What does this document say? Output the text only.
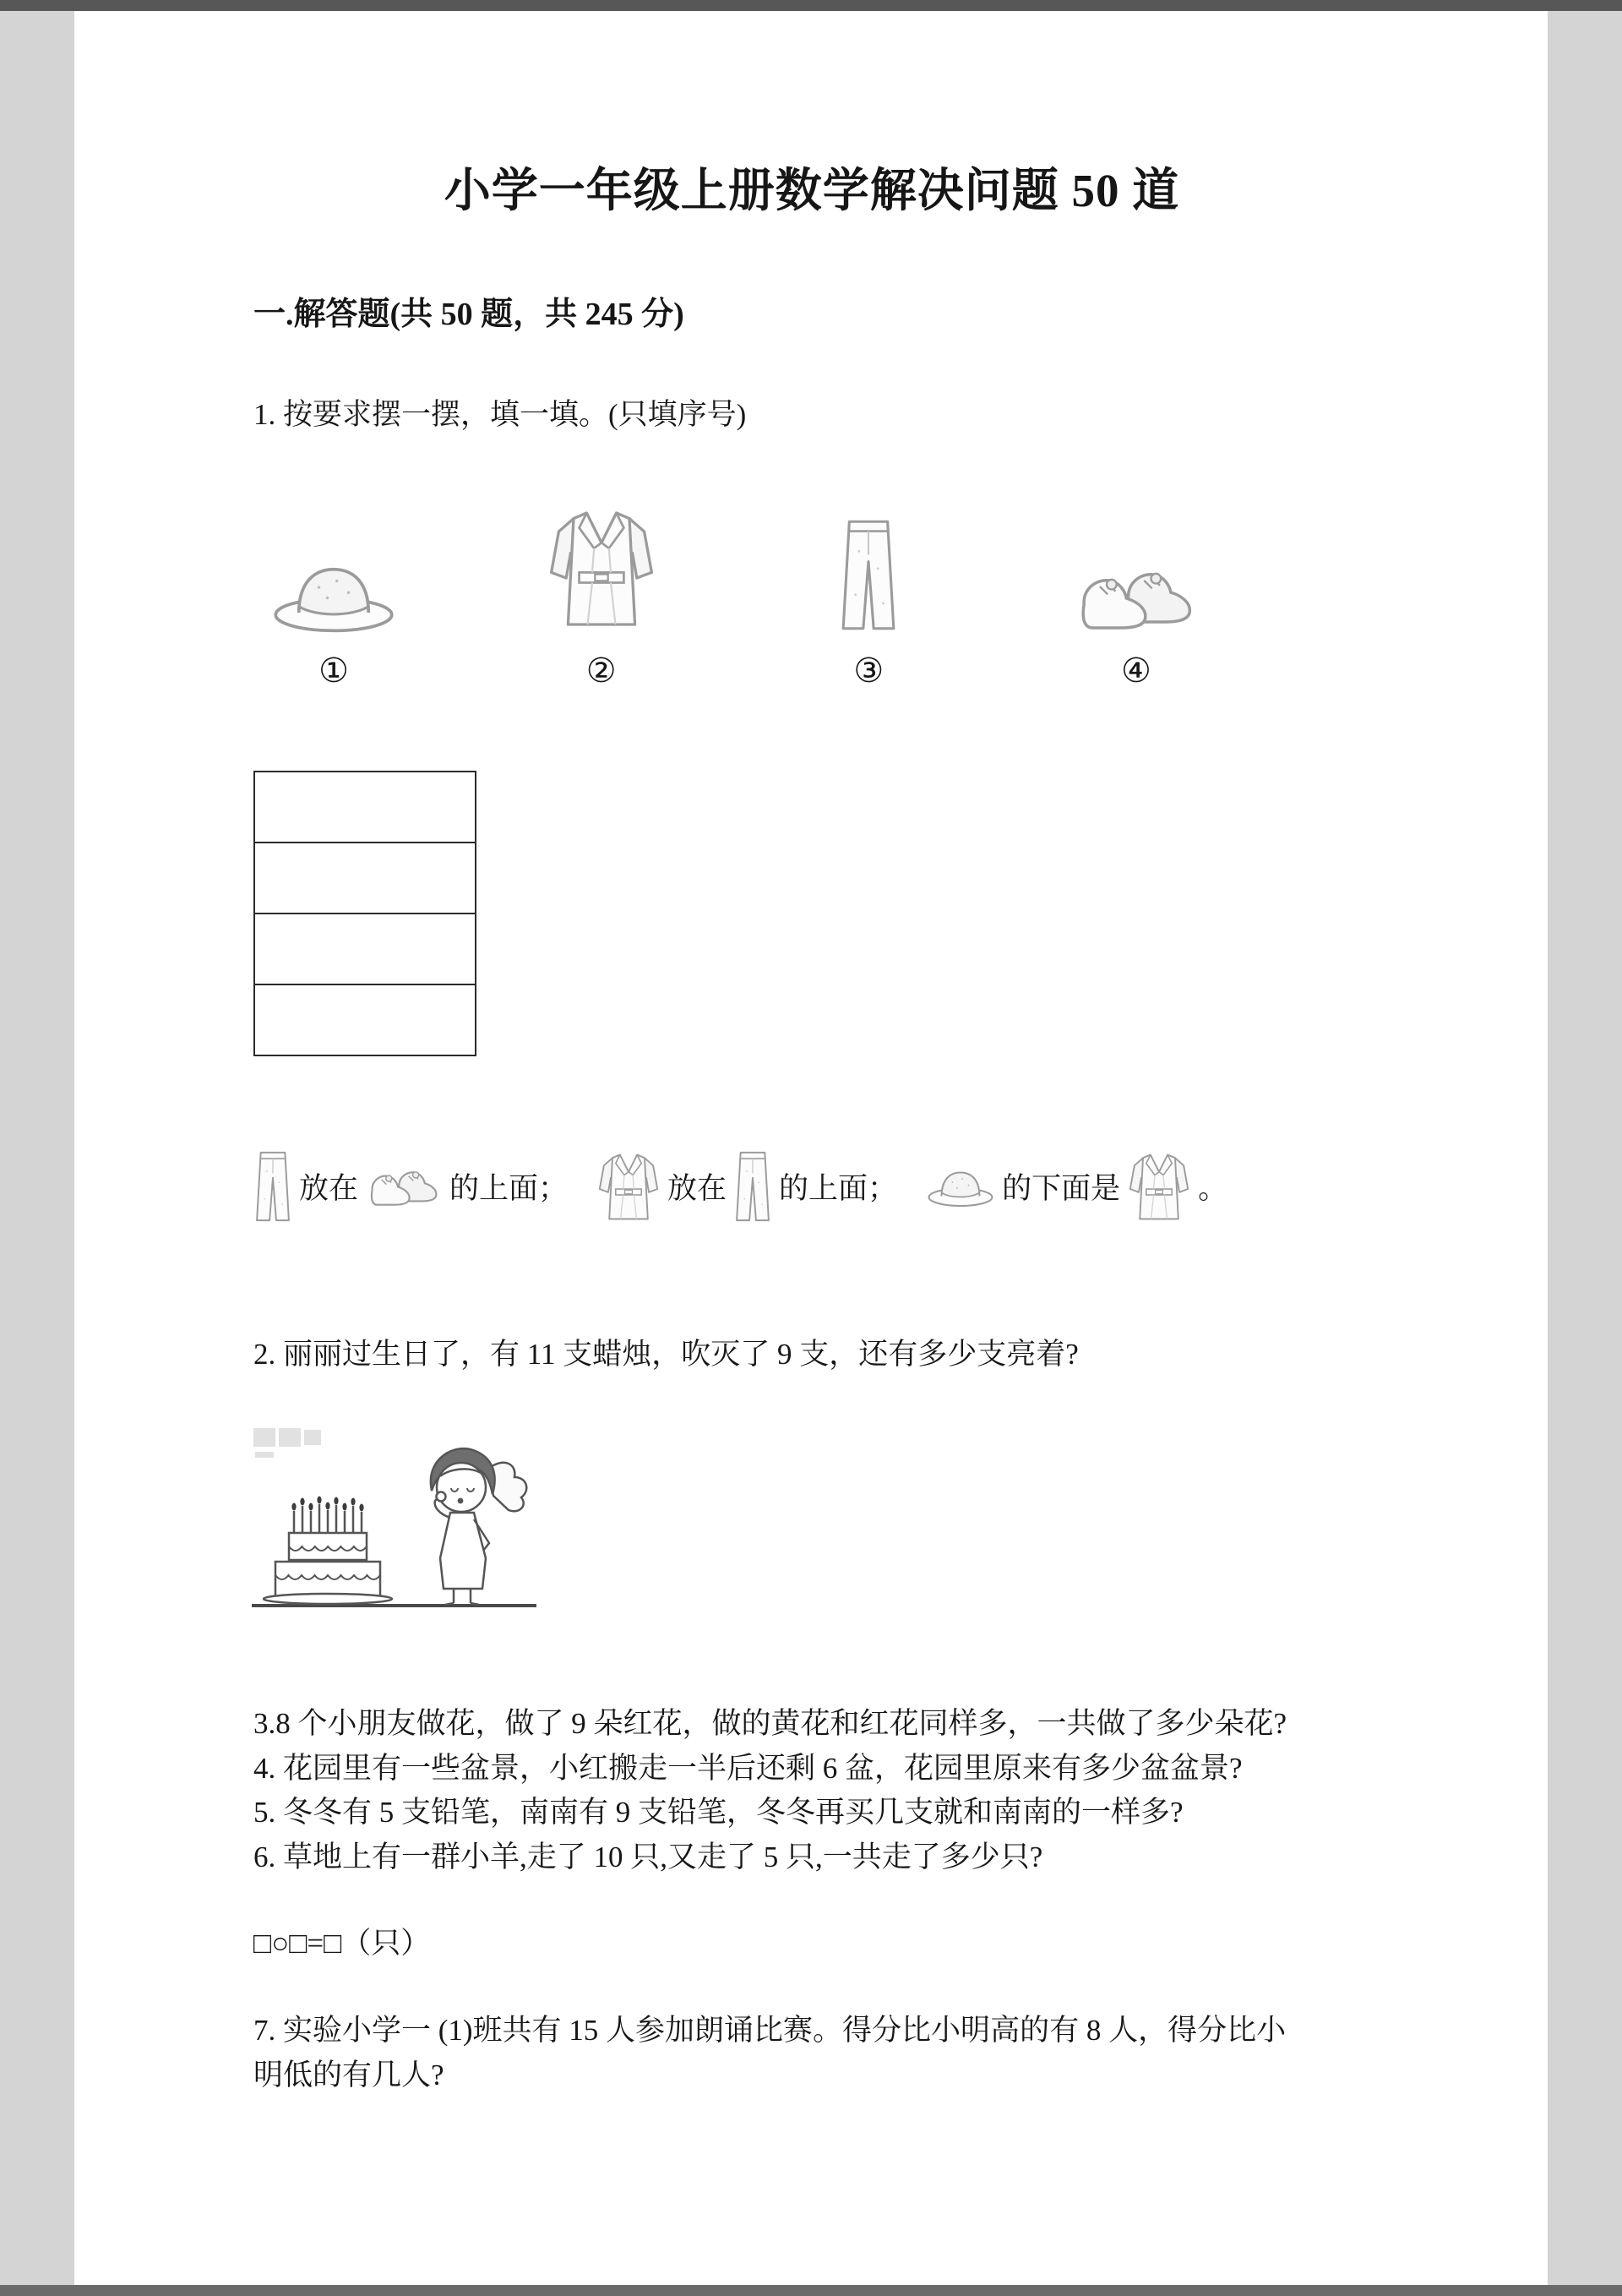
小学一年级上册数学解决问题 50 道
一.解答题(共 50 题，共 245 分)

1. 按要求摆一摆，填一填。(只填序号)

①	②	③	④

放在	的上面；	放在 的上面；	的下面是	。

2. 丽丽过生日了，有 11 支蜡烛，吹灭了 9 支，还有多少支亮着?

3.8 个小朋友做花，做了 9 朵红花，做的黄花和红花同样多，一共做了多少朵花?

4. 花园里有一些盆景，小红搬走一半后还剩 6 盆，花园里原来有多少盆盆景?

5. 冬冬有 5 支铅笔，南南有 9 支铅笔，冬冬再买几支就和南南的一样多?

6. 草地上有一群小羊,走了 10 只,又走了 5 只,一共走了多少只?

□○□=□（只）

7. 实验小学一 (1)班共有 15 人参加朗诵比赛。得分比小明高的有 8 人，得分比小明低的有几人?
